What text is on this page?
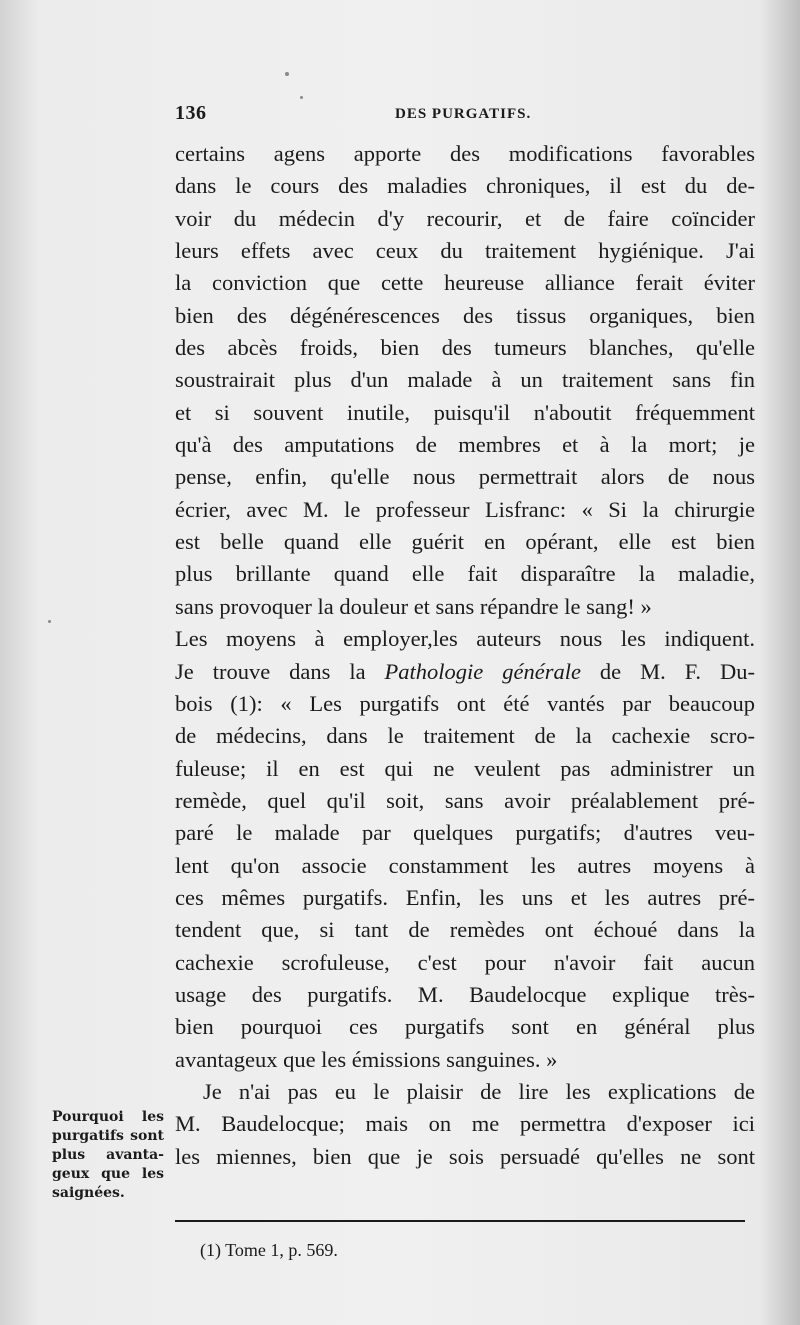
136	DES PURGATIFS.
certains agens apporte des modifications favorables
dans le cours des maladies chroniques, il est du de-
voir du médecin d'y recourir, et de faire coïncider
leurs effets avec ceux du traitement hygiénique. J'ai
la conviction que cette heureuse alliance ferait éviter
bien des dégénérescences des tissus organiques, bien
des abcès froids, bien des tumeurs blanches, qu'elle
soustrairait plus d'un malade à un traitement sans fin
et si souvent inutile, puisqu'il n'aboutit fréquemment
qu'à des amputations de membres et à la mort; je
pense, enfin, qu'elle nous permettrait alors de nous
écrier, avec M. le professeur Lisfranc: « Si la chirurgie
est belle quand elle guérit en opérant, elle est bien
plus brillante quand elle fait disparaître la maladie,
sans provoquer la douleur et sans répandre le sang! »
Les moyens à employer,les auteurs nous les indiquent.
Je trouve dans la Pathologie générale de M. F. Du-
bois (1): « Les purgatifs ont été vantés par beaucoup
de médecins, dans le traitement de la cachexie scro-
fuleuse; il en est qui ne veulent pas administrer un
remède, quel qu'il soit, sans avoir préalablement pré-
paré le malade par quelques purgatifs; d'autres veu-
lent qu'on associe constamment les autres moyens à
ces mêmes purgatifs. Enfin, les uns et les autres pré-
tendent que, si tant de remèdes ont échoué dans la
cachexie scrofuleuse, c'est pour n'avoir fait aucun
usage des purgatifs. M. Baudelocque explique très-
bien pourquoi ces purgatifs sont en général plus
avantageux que les émissions sanguines. »
Je n'ai pas eu le plaisir de lire les explications de
M. Baudelocque; mais on me permettra d'exposer ici
les miennes, bien que je sois persuadé qu'elles ne sont
Pourquoi les
purgatifs sont
plus avanta-
geux que les
saignées.
(1) Tome 1, p. 569.
